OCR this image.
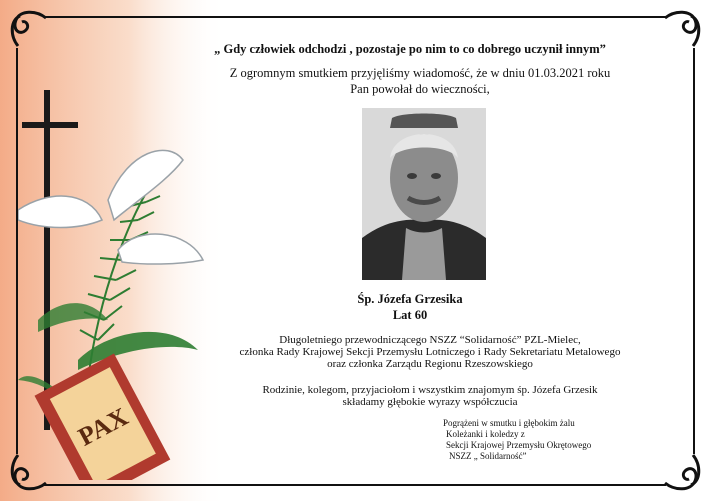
PAX

„ Gdy człowiek odchodzi , pozostaje po nim to co dobrego uczynił innym”

Z ogromnym smutkiem przyjęliśmy wiadomość, że w dniu 01.03.2021 roku

Pan powołał do wieczności,

Śp. Józefa Grzesika

Lat 60

Długoletniego przewodniczącego NSZZ “Solidarność” PZL-Mielec,

członka Rady Krajowej Sekcji Przemysłu Lotniczego i Rady Sekretariatu Metalowego

oraz członka Zarządu Regionu Rzeszowskiego

Rodzinie, kolegom, przyjaciołom i wszystkim znajomym śp. Józefa Grzesik

składamy głębokie wyrazy współczucia

Pogrążeni w smutku i głębokim żalu

Koleżanki i koledzy z

Sekcji Krajowej Przemysłu Okrętowego

NSZZ „ Solidarność”
